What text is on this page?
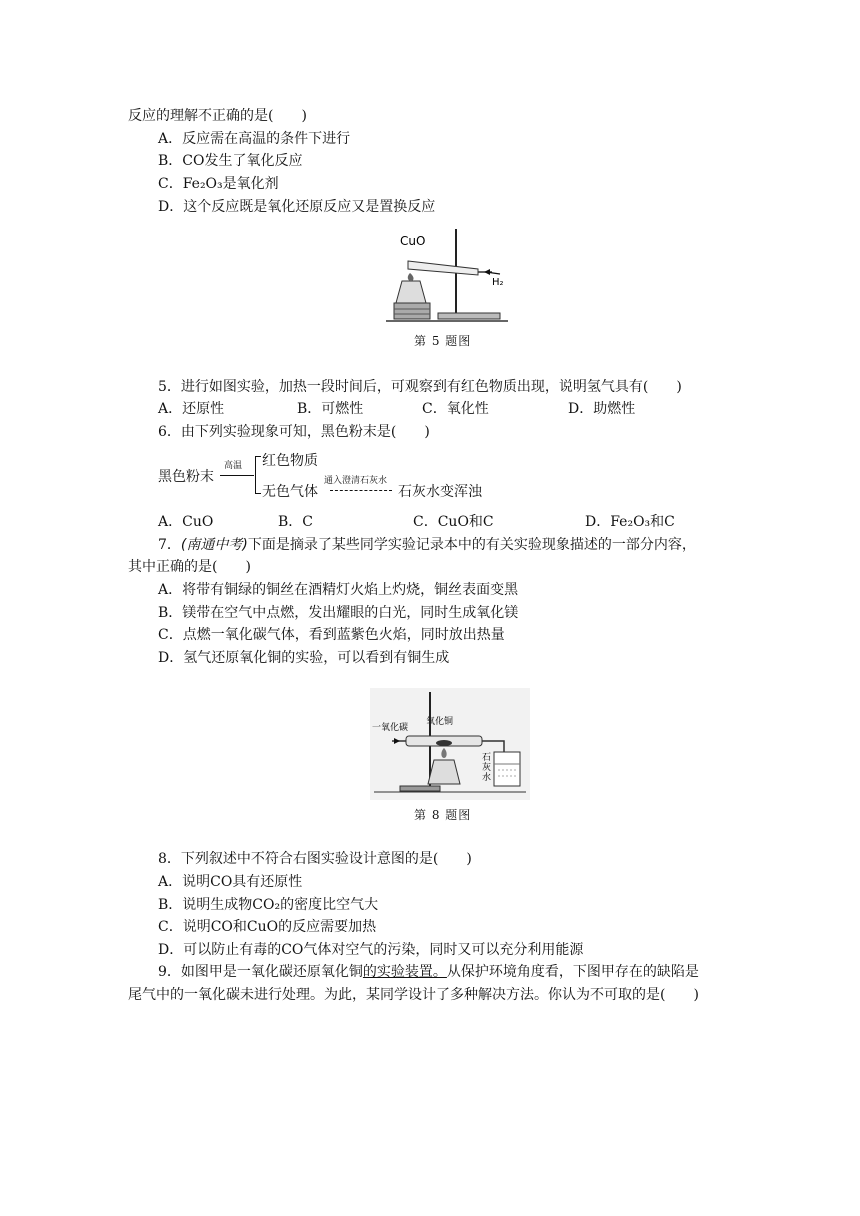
反应的理解不正确的是(　　)
A．反应需在高温的条件下进行
B．CO发生了氧化反应
C．Fe₂O₃是氧化剂
D．这个反应既是氧化还原反应又是置换反应
CuO
H₂
第 5 题图
5．进行如图实验，加热一段时间后，可观察到有红色物质出现，说明氢气具有(　　)
A．还原性	B．可燃性	C．氧化性	D．助燃性
6．由下列实验现象可知，黑色粉末是(　　)
黑色粉末
高温 红色物质
无色气体
通入澄清石灰水
石灰水变浑浊
A．CuO	B．C	C．CuO和C	D．Fe₂O₃和C
7．(南通中考)下面是摘录了某些同学实验记录本中的有关实验现象描述的一部分内容，
其中正确的是(　　)
A．将带有铜绿的铜丝在酒精灯火焰上灼烧，铜丝表面变黑
B．镁带在空气中点燃，发出耀眼的白光，同时生成氧化镁
C．点燃一氧化碳气体，看到蓝紫色火焰，同时放出热量
D．氢气还原氧化铜的实验，可以看到有铜生成
一氧化碳
氧化铜
石灰水
第 8 题图
8．下列叙述中不符合右图实验设计意图的是(　　)
A．说明CO具有还原性
B．说明生成物CO₂的密度比空气大
C．说明CO和CuO的反应需要加热
D．可以防止有毒的CO气体对空气的污染，同时又可以充分利用能源
9．如图甲是一氧化碳还原氧化铜的实验装置。从保护环境角度看，下图甲存在的缺陷是
尾气中的一氧化碳未进行处理。为此，某同学设计了多种解决方法。你认为不可取的是(　　)
